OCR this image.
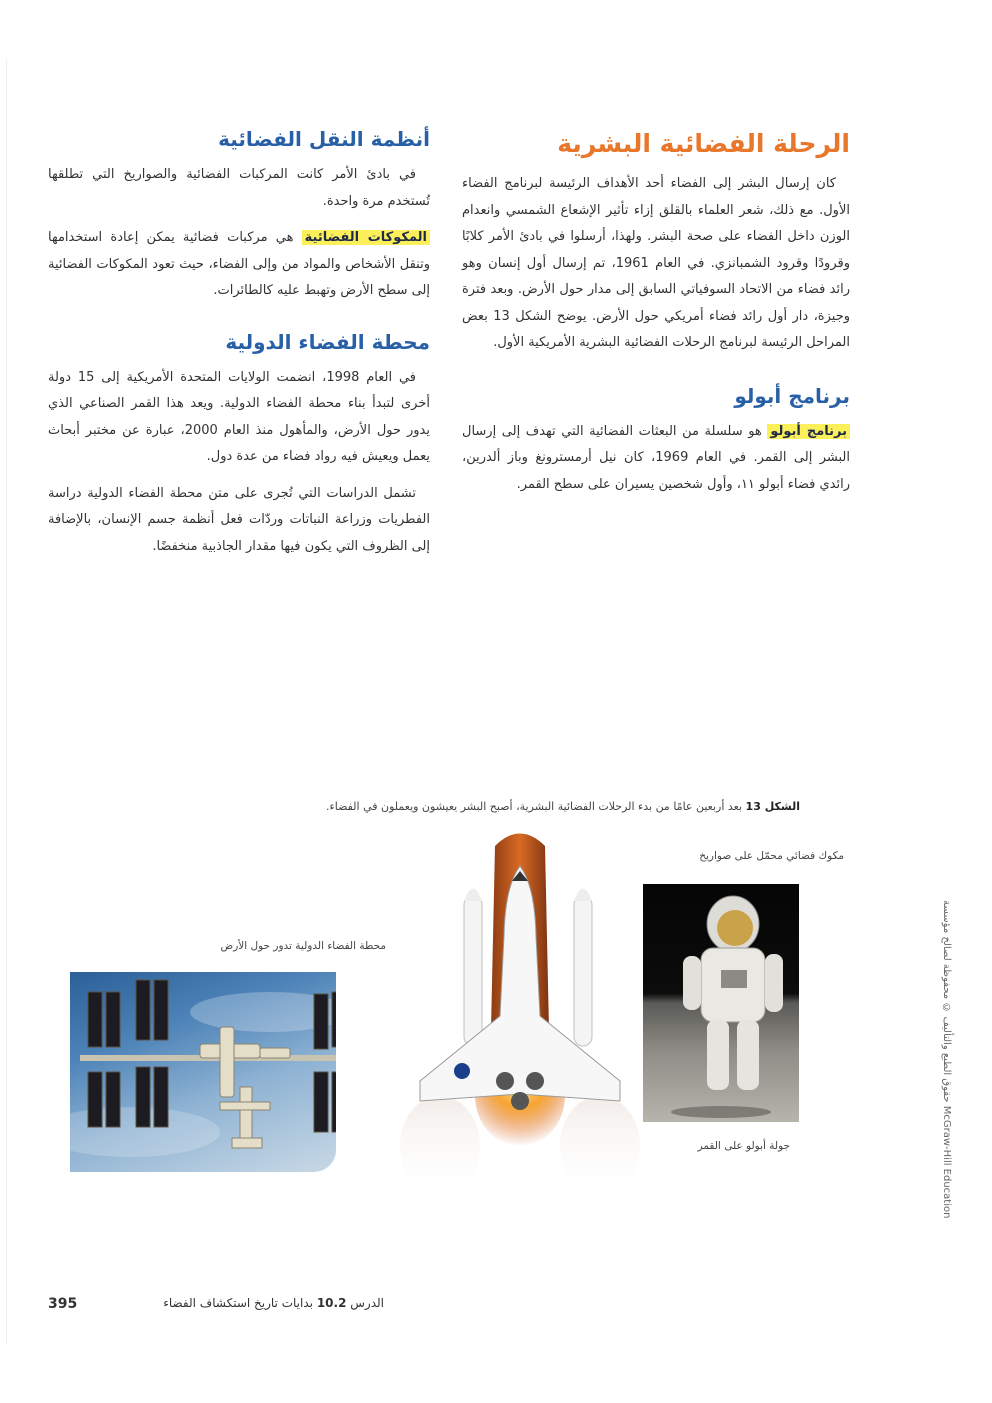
الرحلة الفضائية البشرية

كان إرسال البشر إلى الفضاء أحد الأهداف الرئيسة لبرنامج الفضاء الأول. مع ذلك، شعر العلماء بالقلق إزاء تأثير الإشعاع الشمسي وانعدام الوزن داخل الفضاء على صحة البشر. ولهذا، أرسلوا في بادئ الأمر كلابًا وقرودًا وقرود الشمبانزي. في العام 1961، تم إرسال أول إنسان وهو رائد فضاء من الاتحاد السوفياتي السابق إلى مدار حول الأرض. وبعد فترة وجيزة، دار أول رائد فضاء أمريكي حول الأرض. يوضح الشكل 13 بعض المراحل الرئيسة لبرنامج الرحلات الفضائية البشرية الأمريكية الأول.

برنامج أبولو

برنامج أبولو هو سلسلة من البعثات الفضائية التي تهدف إلى إرسال البشر إلى القمر. في العام 1969، كان نيل أرمسترونغ وباز ألدرين، رائدي فضاء أبولو ١١، وأول شخصين يسيران على سطح القمر.

أنظمة النقل الفضائية

في بادئ الأمر كانت المركبات الفضائية والصواريخ التي تطلقها تُستخدم مرة واحدة.

المكوكات الفضائية هي مركبات فضائية يمكن إعادة استخدامها وتنقل الأشخاص والمواد من وإلى الفضاء، حيث تعود المكوكات الفضائية إلى سطح الأرض وتهبط عليه كالطائرات.

محطة الفضاء الدولية

في العام 1998، انضمت الولايات المتحدة الأمريكية إلى 15 دولة أخرى لتبدأ بناء محطة الفضاء الدولية. ويعد هذا القمر الصناعي الذي يدور حول الأرض، والمأهول منذ العام 2000، عبارة عن مختبر أبحاث يعمل ويعيش فيه رواد فضاء من عدة دول.

تشمل الدراسات التي تُجرى على متن محطة الفضاء الدولية دراسة الفطريات وزراعة النباتات وردّات فعل أنظمة جسم الإنسان، بالإضافة إلى الظروف التي يكون فيها مقدار الجاذبية منخفضًا.

الشكل 13 بعد أربعين عامًا من بدء الرحلات الفضائية البشرية، أصبح البشر يعيشون ويعملون في الفضاء.
مكوك فضائي محمّل على صواريخ
محطة الفضاء الدولية تدور حول الأرض
جولة أبولو على القمر
حقوق الطبع والتأليف © محفوظة لصالح مؤسسة McGraw-Hill Education
395	الدرس 10.2 بدايات تاريخ استكشاف الفضاء
